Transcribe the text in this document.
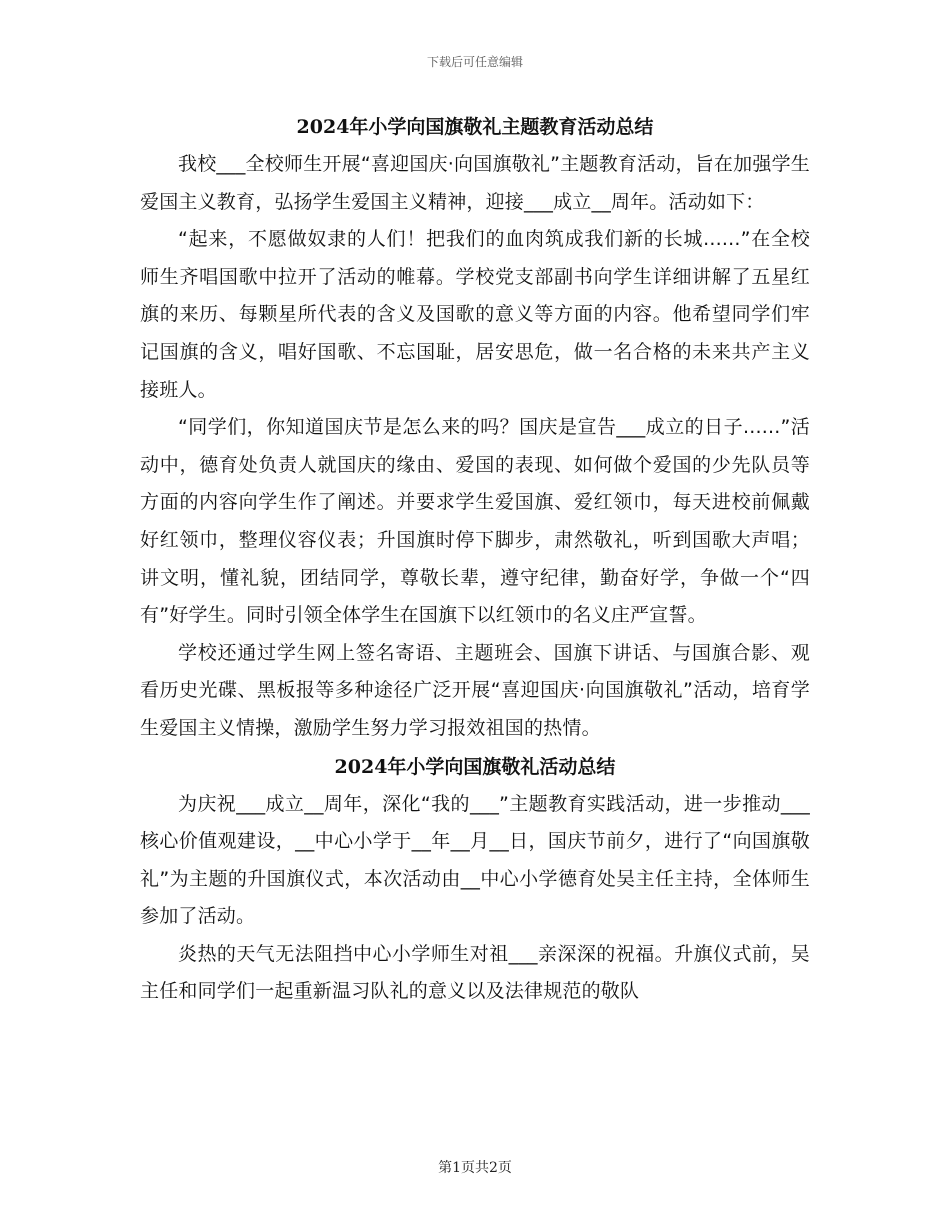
下载后可任意编辑
2024年小学向国旗敬礼主题教育活动总结

我校___全校师生开展“喜迎国庆·向国旗敬礼”主题教育活动，旨在加强学生爱国主义教育，弘扬学生爱国主义精神，迎接___成立__周年。活动如下：

“起来，不愿做奴隶的人们！把我们的血肉筑成我们新的长城......”在全校师生齐唱国歌中拉开了活动的帷幕。学校党支部副书向学生详细讲解了五星红旗的来历、每颗星所代表的含义及国歌的意义等方面的内容。他希望同学们牢记国旗的含义，唱好国歌、不忘国耻，居安思危，做一名合格的未来共产主义接班人。

“同学们，你知道国庆节是怎么来的吗？国庆是宣告___成立的日子......”活动中，德育处负责人就国庆的缘由、爱国的表现、如何做个爱国的少先队员等方面的内容向学生作了阐述。并要求学生爱国旗、爱红领巾，每天进校前佩戴好红领巾，整理仪容仪表；升国旗时停下脚步，肃然敬礼，听到国歌大声唱；讲文明，懂礼貌，团结同学，尊敬长辈，遵守纪律，勤奋好学，争做一个“四有”好学生。同时引领全体学生在国旗下以红领巾的名义庄严宣誓。

学校还通过学生网上签名寄语、主题班会、国旗下讲话、与国旗合影、观看历史光碟、黑板报等多种途径广泛开展“喜迎国庆·向国旗敬礼”活动，培育学生爱国主义情操，激励学生努力学习报效祖国的热情。

2024年小学向国旗敬礼活动总结

为庆祝___成立__周年，深化“我的___”主题教育实践活动，进一步推动___核心价值观建设，__中心小学于__年__月__日，国庆节前夕，进行了“向国旗敬礼”为主题的升国旗仪式，本次活动由__中心小学德育处吴主任主持，全体师生参加了活动。

炎热的天气无法阻挡中心小学师生对祖___亲深深的祝福。升旗仪式前，吴主任和同学们一起重新温习队礼的意义以及法律规范的敬队

第1页共2页
